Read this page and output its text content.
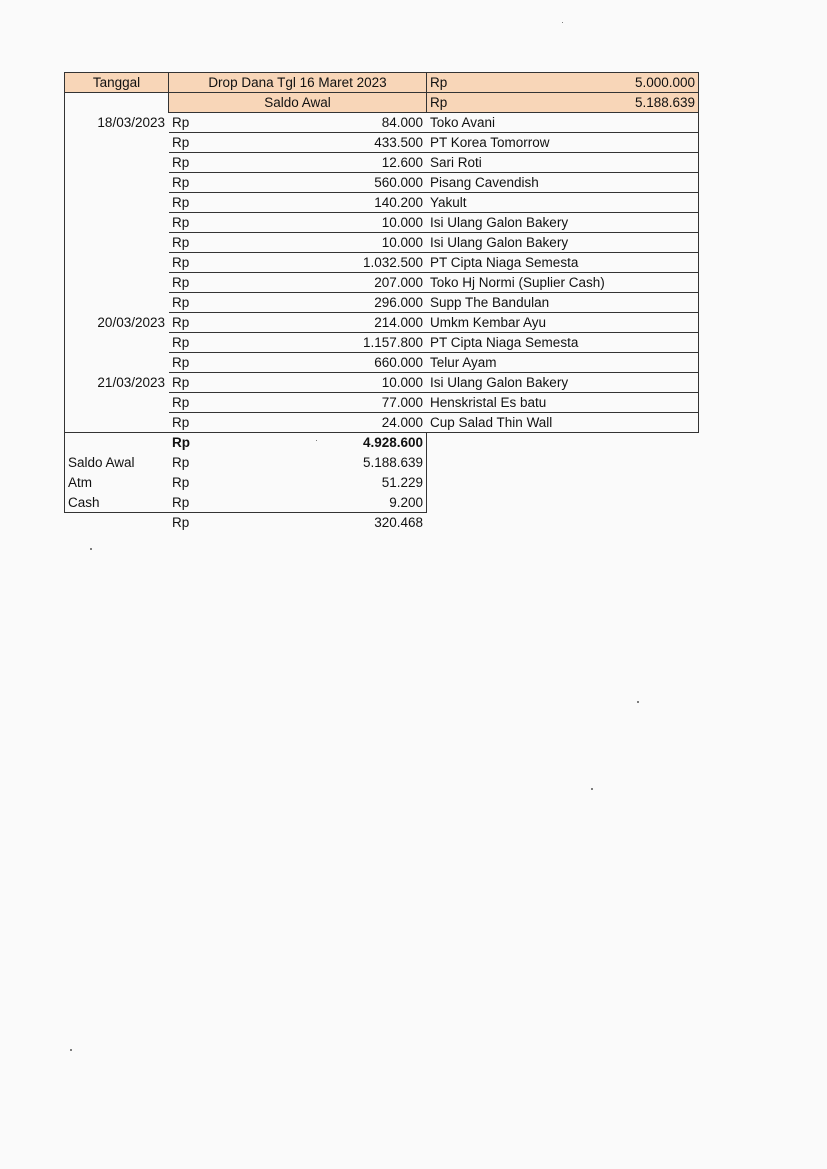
Tanggal	Drop Dana Tgl 16 Maret 2023		Rp	5.000.000
	Saldo Awal		Rp	5.188.639
18/03/2023	Rp	84.000	Toko Avani	
	Rp	433.500	PT Korea Tomorrow	
	Rp	12.600	Sari Roti	
	Rp	560.000	Pisang Cavendish	
	Rp	140.200	Yakult	
	Rp	10.000	Isi Ulang Galon Bakery	
	Rp	10.000	Isi Ulang Galon Bakery	
	Rp	1.032.500	PT Cipta Niaga Semesta	
	Rp	207.000	Toko Hj Normi (Suplier Cash)	
	Rp	296.000	Supp The Bandulan	
20/03/2023	Rp	214.000	Umkm Kembar Ayu	
	Rp	1.157.800	PT Cipta Niaga Semesta	
	Rp	660.000	Telur Ayam	
21/03/2023	Rp	10.000	Isi Ulang Galon Bakery	
	Rp	77.000	Henskristal Es batu	
	Rp	24.000	Cup Salad Thin Wall	
	Rp	4.928.600		
Saldo Awal	Rp	5.188.639		
Atm	Rp	51.229		
Cash	Rp	9.200		
	Rp	320.468		
